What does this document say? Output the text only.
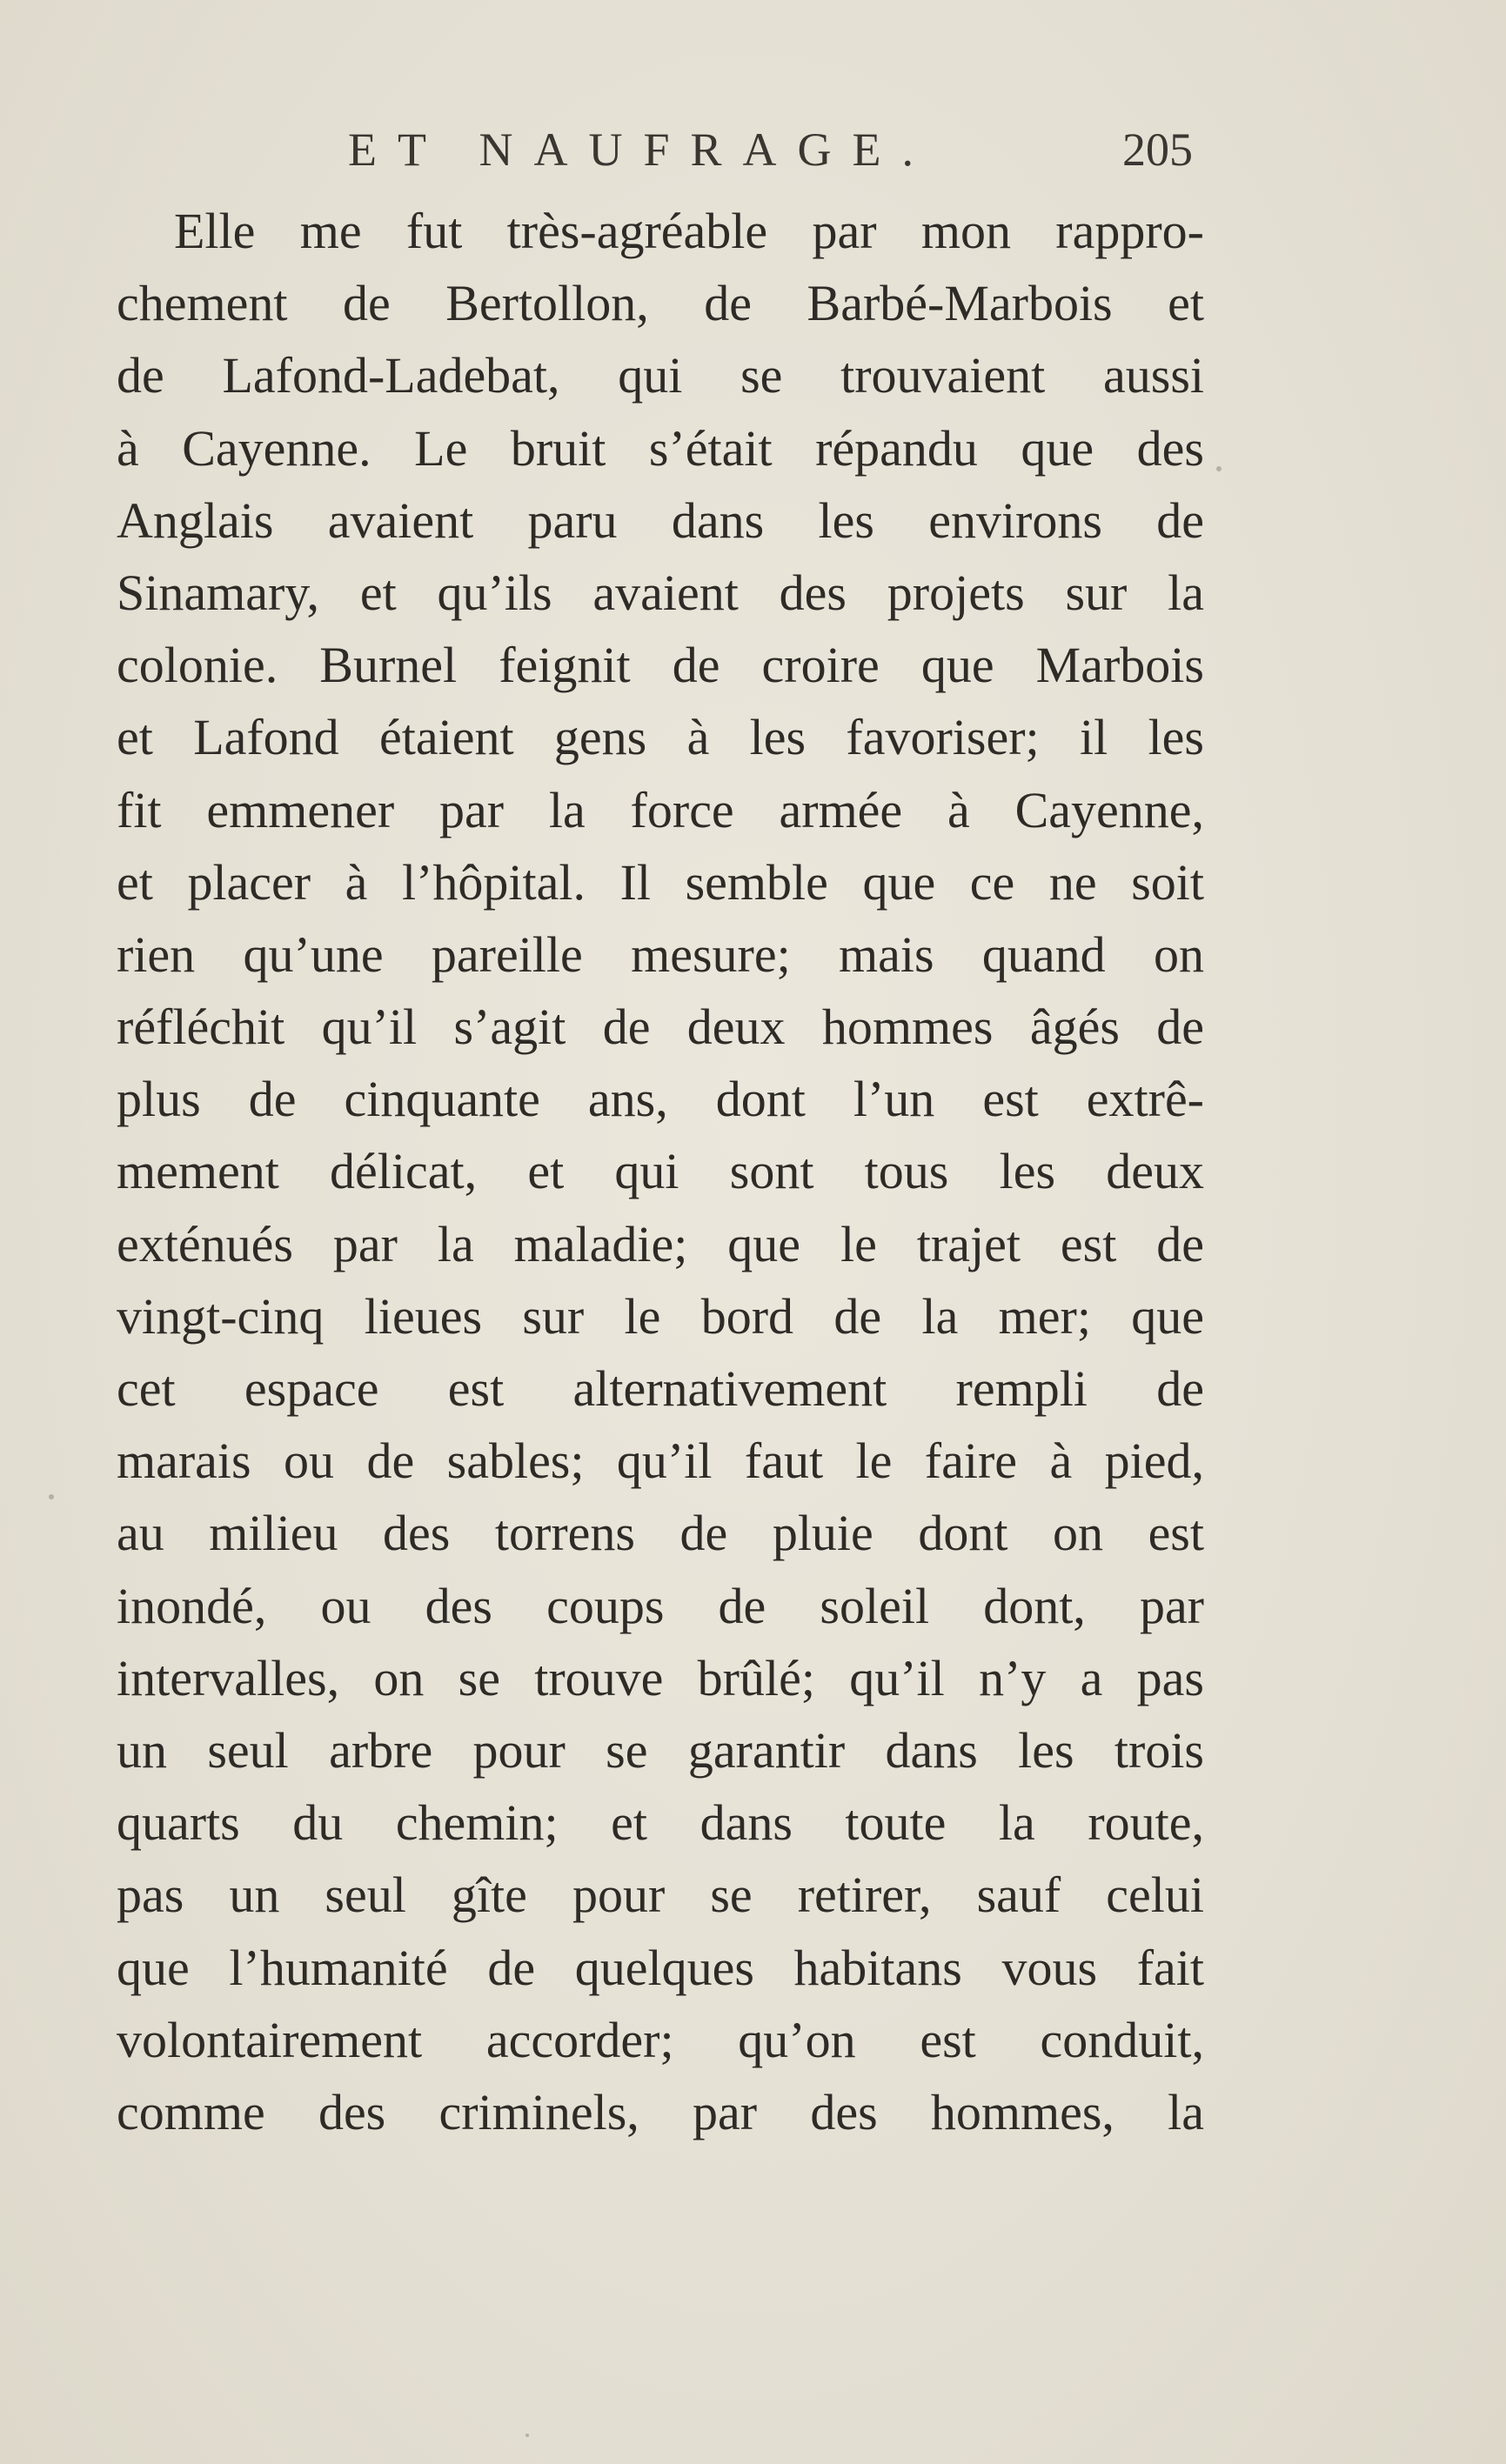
ET NAUFRAGE.	205
Elle me fut très-agréable par mon rappro-
chement de Bertollon, de Barbé-Marbois et
de Lafond-Ladebat, qui se trouvaient aussi
à Cayenne. Le bruit s’était répandu que des
Anglais avaient paru dans les environs de
Sinamary, et qu’ils avaient des projets sur la
colonie. Burnel feignit de croire que Marbois
et Lafond étaient gens à les favoriser; il les
fit emmener par la force armée à Cayenne,
et placer à l’hôpital. Il semble que ce ne soit
rien qu’une pareille mesure; mais quand on
réfléchit qu’il s’agit de deux hommes âgés de
plus de cinquante ans, dont l’un est extrê-
mement délicat, et qui sont tous les deux
exténués par la maladie; que le trajet est de
vingt-cinq lieues sur le bord de la mer; que
cet espace est alternativement rempli de
marais ou de sables; qu’il faut le faire à pied,
au milieu des torrens de pluie dont on est
inondé, ou des coups de soleil dont, par
intervalles, on se trouve brûlé; qu’il n’y a pas
un seul arbre pour se garantir dans les trois
quarts du chemin; et dans toute la route,
pas un seul gîte pour se retirer, sauf celui
que l’humanité de quelques habitans vous fait
volontairement accorder; qu’on est conduit,
comme des criminels, par des hommes, la
